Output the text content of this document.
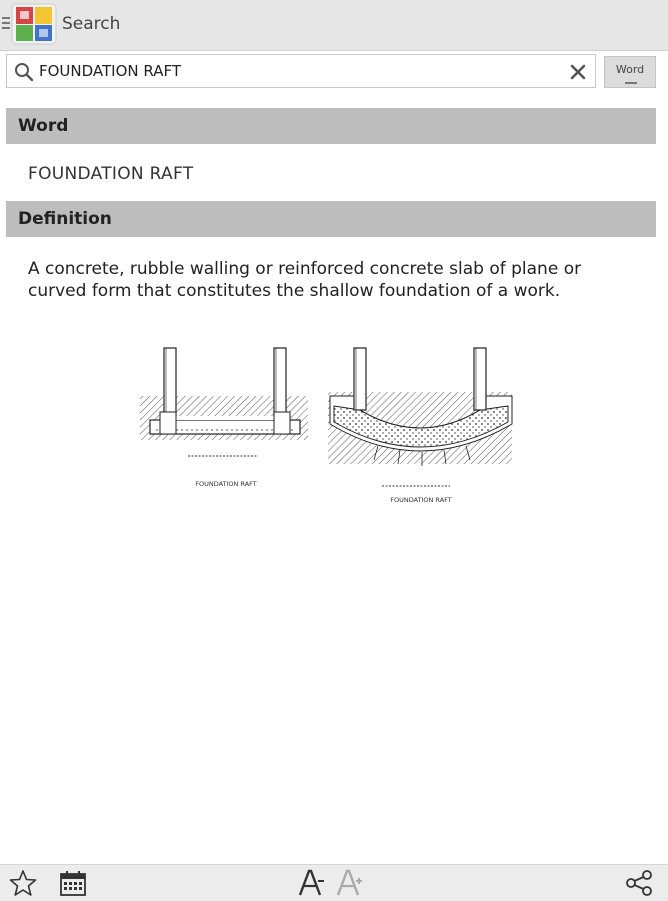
Search
FOUNDATION RAFT
Word
Word
FOUNDATION RAFT
Definition
A concrete, rubble walling or reinforced concrete slab of plane or curved form that constitutes the shallow foundation of a work.
FOUNDATION RAFT
FOUNDATION RAFT
